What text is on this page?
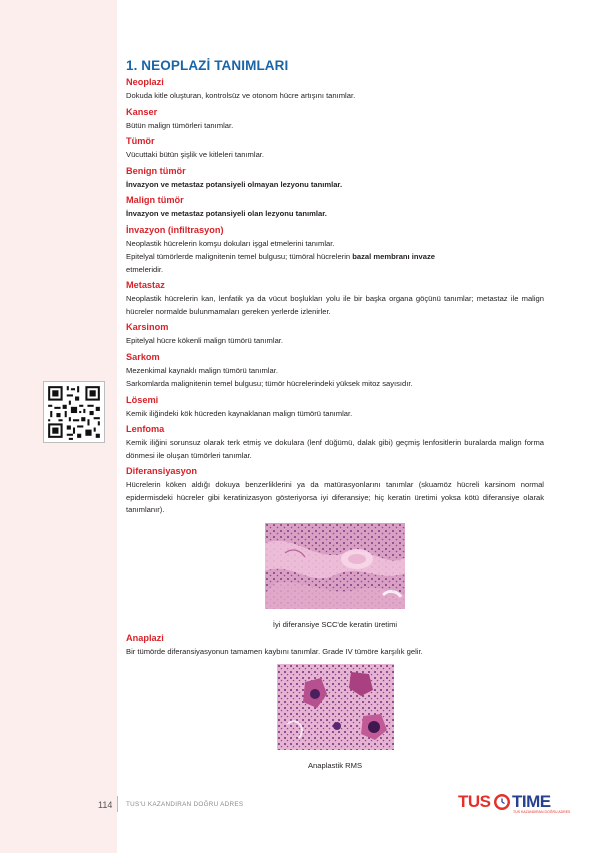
1. NEOPLAZİ TANIMLARI
Neoplazi

Dokuda kitle oluşturan, kontrolsüz ve otonom hücre artışını tanımlar.

Kanser

Bütün malign tümörleri tanımlar.

Tümör

Vücuttaki bütün şişlik ve kitleleri tanımlar.

Benign tümör

İnvazyon ve metastaz potansiyeli olmayan lezyonu tanımlar.

Malign tümör

İnvazyon ve metastaz potansiyeli olan lezyonu tanımlar.

İnvazyon (infiltrasyon)

Neoplastik hücrelerin komşu dokuları işgal etmelerini tanımlar.

Epitelyal tümörlerde malignitenin temel bulgusu; tümöral hücrelerin bazal membranı invaze
etmeleridir.

Metastaz

Neoplastik hücrelerin kan, lenfatik ya da vücut boşlukları yolu ile bir başka organa göçünü tanımlar; metastaz ile malign hücreler normalde bulunmamaları gereken yerlerde izlenirler.

Karsinom

Epitelyal hücre kökenli malign tümörü tanımlar.

Sarkom

Mezenkimal kaynaklı malign tümörü tanımlar.

Sarkomlarda malignitenin temel bulgusu; tümör hücrelerindeki yüksek mitoz sayısıdır.

Lösemi

Kemik iliğindeki kök hücreden kaynaklanan malign tümörü tanımlar.

Lenfoma

Kemik iliğini sorunsuz olarak terk etmiş ve dokulara (lenf düğümü, dalak gibi) geçmiş lenfositlerin buralarda malign forma dönmesi ile oluşan tümörleri tanımlar.

Diferansiyasyon

Hücrelerin köken aldığı dokuya benzerliklerini ya da matürasyonlarını tanımlar (skuamöz hücreli karsinom normal epidermisdeki hücreler gibi keratinizasyon gösteriyorsa iyi diferansiye; hiç keratin üretimi yoksa kötü diferansiye olarak tanımlanır).

İyi diferansiye SCC'de keratin üretimi
Anaplazi

Bir tümörde diferansiyasyonun tamamen kaybını tanımlar. Grade IV tümöre karşılık gelir.

Anaplastik RMS
114 TUS'U KAZANDIRAN DOĞRU ADRES	TUS TIME
TUS KAZANDIRAN DOĞRU ADRES
